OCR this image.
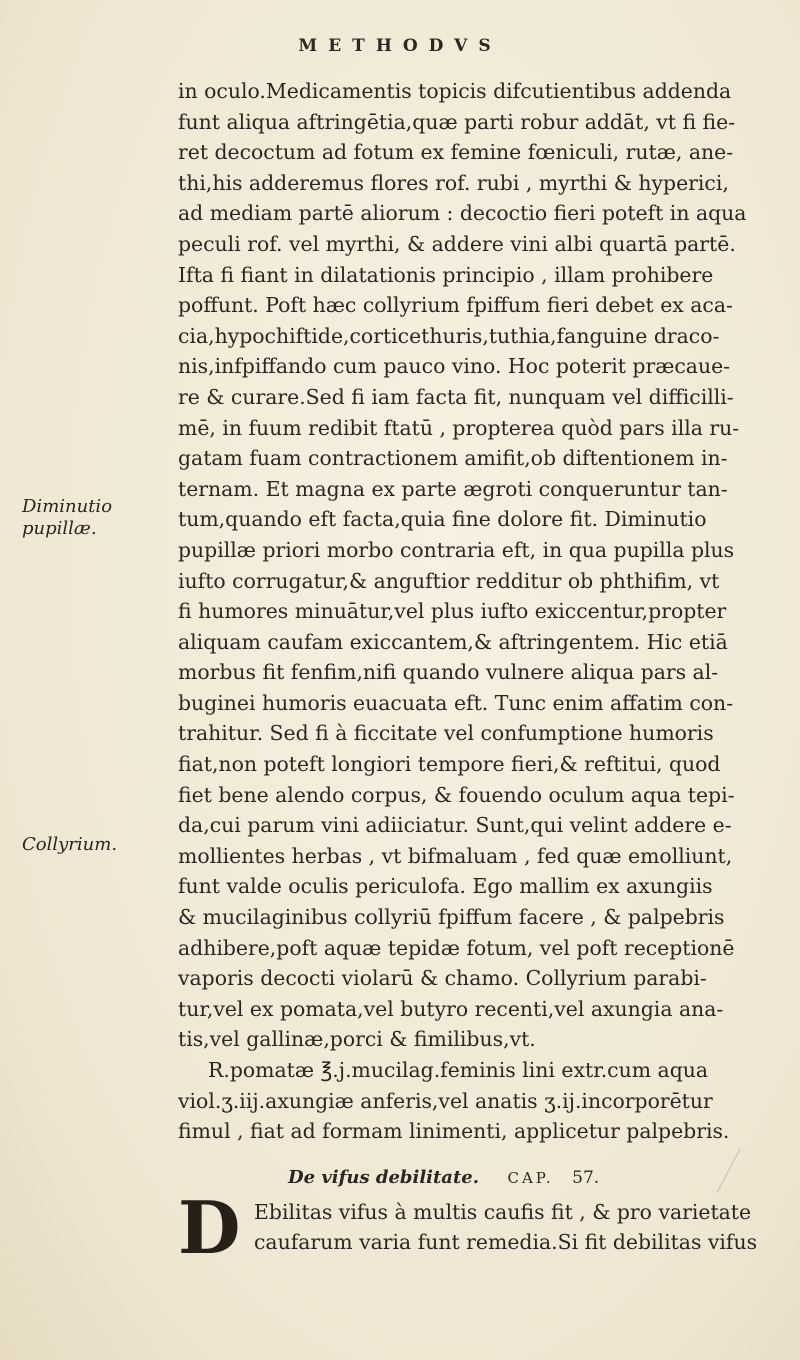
METHODVS
Diminutio
pupillæ.
Collyrium.
in oculo.Medicamentis topicis difcutientibus addenda
funt aliqua aftringētia,quæ parti robur addāt, vt fi fie-
ret decoctum ad fotum ex femine fœniculi, rutæ, ane-
thi,his adderemus flores rof. rubi , myrthi & hyperici,
ad mediam partē aliorum : decoctio fieri poteft in aqua
peculi rof. vel myrthi, & addere vini albi quartā partē.
Ifta fi fiant in dilatationis principio , illam prohibere
poffunt. Poft hæc collyrium fpiffum fieri debet ex aca-
cia,hypochiftide,corticethuris,tuthia,fanguine draco-
nis,infpiffando cum pauco vino. Hoc poterit præcaue-
re & curare.Sed fi iam facta fit, nunquam vel difficilli-
mē, in fuum redibit ftatū , propterea quòd pars illa ru-
gatam fuam contractionem amifit,ob diftentionem in-
ternam. Et magna ex parte ægroti conqueruntur tan-
tum,quando eft facta,quia fine dolore fit. Diminutio
pupillæ priori morbo contraria eft, in qua pupilla plus
iufto corrugatur,& anguftior redditur ob phthifim, vt
fi humores minuātur,vel plus iufto exiccentur,propter
aliquam caufam exiccantem,& aftringentem. Hic etiā
morbus fit fenfim,nifi quando vulnere aliqua pars al-
buginei humoris euacuata eft. Tunc enim affatim con-
trahitur. Sed fi à ficcitate vel confumptione humoris
fiat,non poteft longiori tempore fieri,& reftitui, quod
fiet bene alendo corpus, & fouendo oculum aqua tepi-
da,cui parum vini adiiciatur. Sunt,qui velint addere e-
mollientes herbas , vt bifmaluam , fed quæ emolliunt,
funt valde oculis periculofa. Ego mallim ex axungiis
& mucilaginibus collyriū fpiffum facere , & palpebris
adhibere,poft aquæ tepidæ fotum, vel poft receptionē
vaporis decocti violarū & chamo. Collyrium parabi-
tur,vel ex pomata,vel butyro recenti,vel axungia ana-
tis,vel gallinæ,porci & fimilibus,vt.
R.pomatæ ℥.j.mucilag.feminis lini extr.cum aqua
viol.ʒ.iij.axungiæ anferis,vel anatis ʒ.ij.incorporētur
fimul , fiat ad formam linimenti, applicetur palpebris.
De vifus debilitate. CAP. 57.
D Ebilitas vifus à multis caufis fit , & pro varietate
caufarum varia funt remedia.Si fit debilitas vifus
